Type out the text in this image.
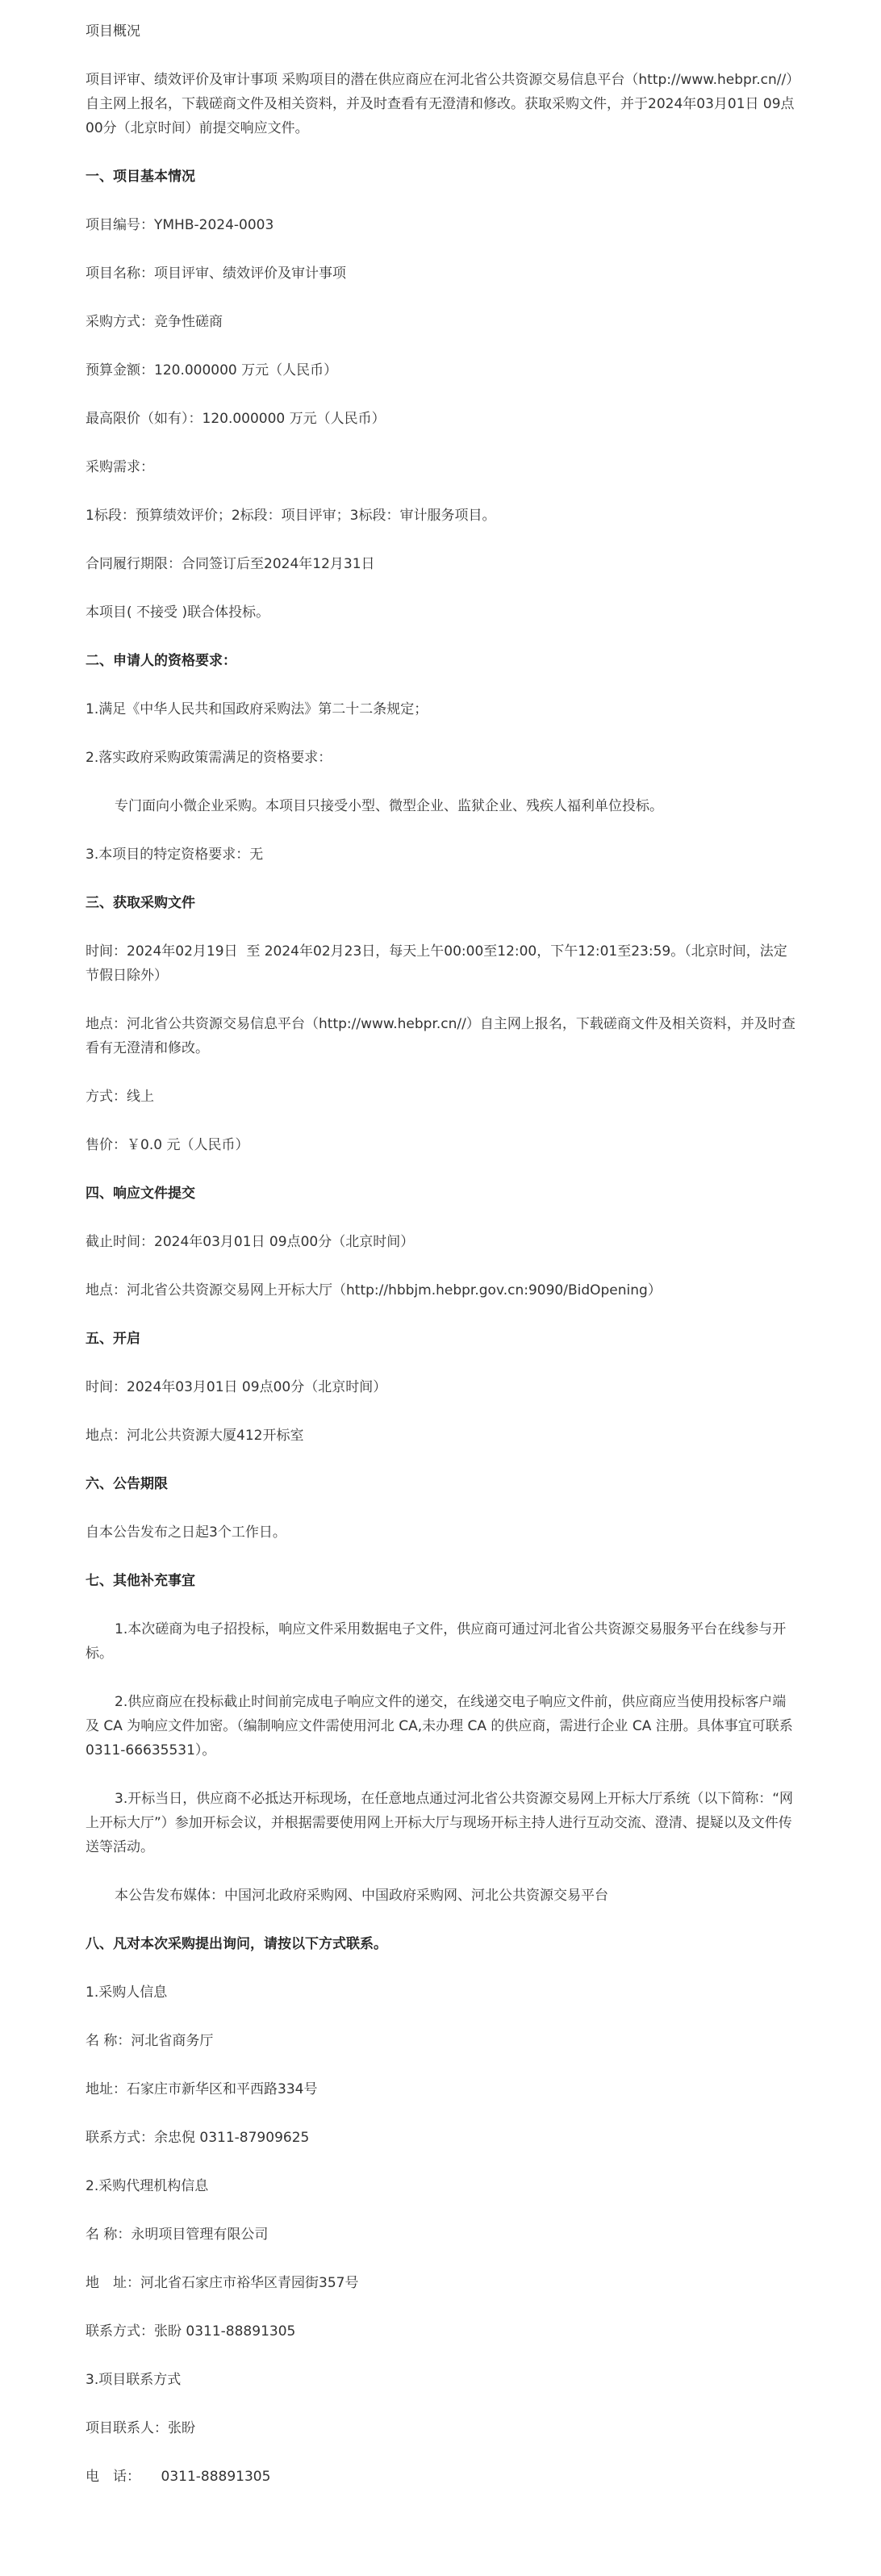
项目概况

项目评审、绩效评价及审计事项 采购项目的潜在供应商应在河北省公共资源交易信息平台（http://www.hebpr.cn//）自主网上报名，下载磋商文件及相关资料，并及时查看有无澄清和修改。获取采购文件，并于2024年03月01日 09点00分（北京时间）前提交响应文件。

一、项目基本情况

项目编号：YMHB-2024-0003

项目名称：项目评审、绩效评价及审计事项

采购方式：竞争性磋商

预算金额：120.000000 万元（人民币）

最高限价（如有）：120.000000 万元（人民币）

采购需求：

1标段：预算绩效评价；2标段：项目评审；3标段：审计服务项目。

合同履行期限：合同签订后至2024年12月31日

本项目( 不接受 )联合体投标。

二、申请人的资格要求：

1.满足《中华人民共和国政府采购法》第二十二条规定；

2.落实政府采购政策需满足的资格要求：

专门面向小微企业采购。本项目只接受小型、微型企业、监狱企业、残疾人福利单位投标。

3.本项目的特定资格要求：无

三、获取采购文件

时间：2024年02月19日  至 2024年02月23日，每天上午00:00至12:00，下午12:01至23:59。（北京时间，法定节假日除外）

地点：河北省公共资源交易信息平台（http://www.hebpr.cn//）自主网上报名，下载磋商文件及相关资料，并及时查看有无澄清和修改。

方式：线上

售价：￥0.0 元（人民币）

四、响应文件提交

截止时间：2024年03月01日 09点00分（北京时间）

地点：河北省公共资源交易网上开标大厅（http://hbbjm.hebpr.gov.cn:9090/BidOpening）

五、开启

时间：2024年03月01日 09点00分（北京时间）

地点：河北公共资源大厦412开标室

六、公告期限

自本公告发布之日起3个工作日。

七、其他补充事宜

1.本次磋商为电子招投标，响应文件采用数据电子文件，供应商可通过河北省公共资源交易服务平台在线参与开标。

2.供应商应在投标截止时间前完成电子响应文件的递交，在线递交电子响应文件前，供应商应当使用投标客户端及 CA 为响应文件加密。（编制响应文件需使用河北 CA,未办理 CA 的供应商，需进行企业 CA 注册。具体事宜可联系 0311-66635531）。

3.开标当日，供应商不必抵达开标现场，在任意地点通过河北省公共资源交易网上开标大厅系统（以下简称：“网上开标大厅”）参加开标会议，并根据需要使用网上开标大厅与现场开标主持人进行互动交流、澄清、提疑以及文件传送等活动。

本公告发布媒体：中国河北政府采购网、中国政府采购网、河北公共资源交易平台

八、凡对本次采购提出询问，请按以下方式联系。

1.采购人信息

名 称：河北省商务厅

地址：石家庄市新华区和平西路334号

联系方式：余忠倪 0311-87909625

2.采购代理机构信息

名 称：永明项目管理有限公司

地　址：河北省石家庄市裕华区青园街357号

联系方式：张盼 0311-88891305

3.项目联系方式

项目联系人：张盼

电　话：　　0311-88891305
